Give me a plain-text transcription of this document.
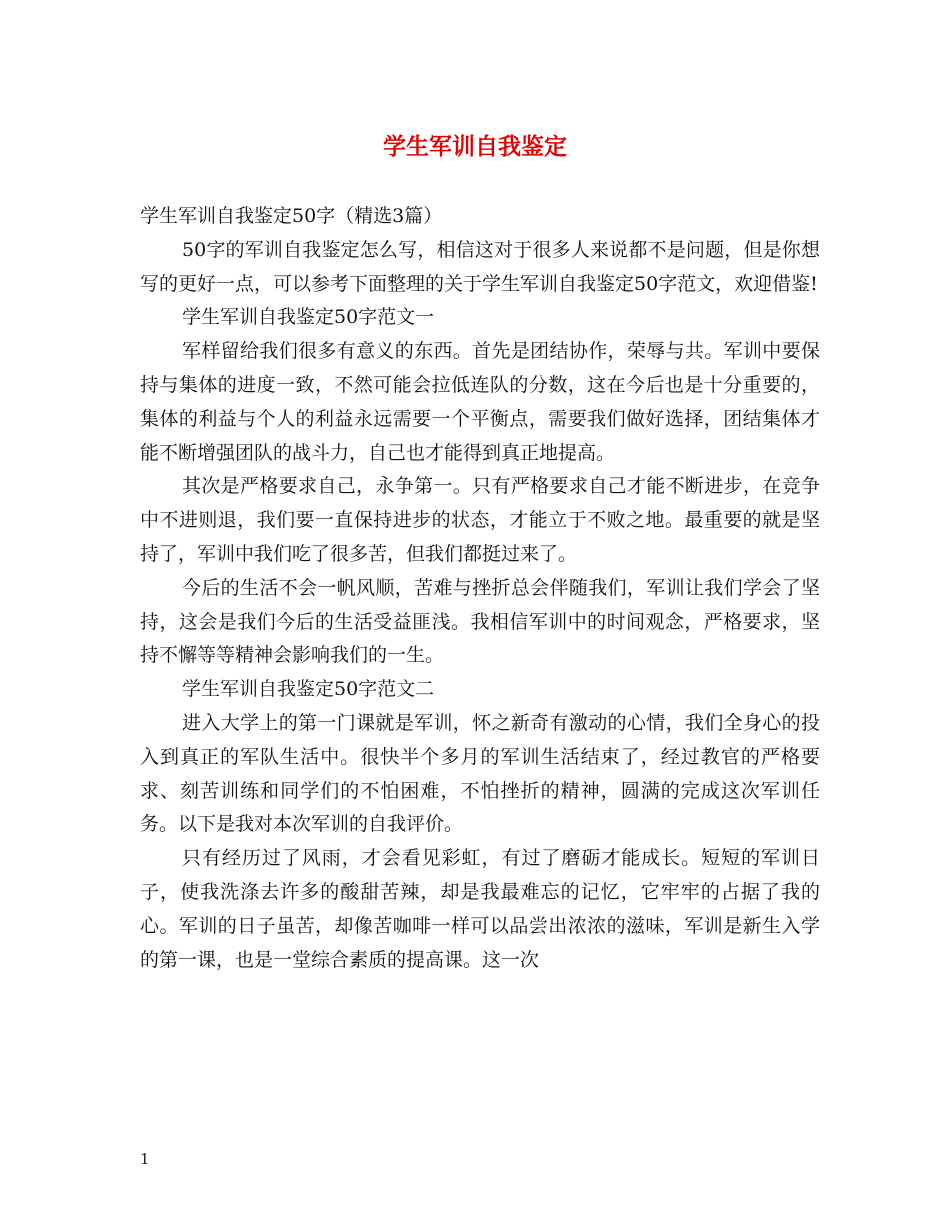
学生军训自我鉴定

学生军训自我鉴定50字（精选3篇）

50字的军训自我鉴定怎么写，相信这对于很多人来说都不是问题，但是你想写的更好一点，可以参考下面整理的关于学生军训自我鉴定50字范文，欢迎借鉴!

学生军训自我鉴定50字范文一

军样留给我们很多有意义的东西。首先是团结协作，荣辱与共。军训中要保持与集体的进度一致，不然可能会拉低连队的分数，这在今后也是十分重要的，集体的利益与个人的利益永远需要一个平衡点，需要我们做好选择，团结集体才能不断增强团队的战斗力，自己也才能得到真正地提高。

其次是严格要求自己，永争第一。只有严格要求自己才能不断进步，在竞争中不进则退，我们要一直保持进步的状态，才能立于不败之地。最重要的就是坚持了，军训中我们吃了很多苦，但我们都挺过来了。

今后的生活不会一帆风顺，苦难与挫折总会伴随我们，军训让我们学会了坚持，这会是我们今后的生活受益匪浅。我相信军训中的时间观念，严格要求，坚持不懈等等精神会影响我们的一生。

学生军训自我鉴定50字范文二

进入大学上的第一门课就是军训，怀之新奇有激动的心情，我们全身心的投入到真正的军队生活中。很快半个多月的军训生活结束了，经过教官的严格要求、刻苦训练和同学们的不怕困难，不怕挫折的精神，圆满的完成这次军训任务。以下是我对本次军训的自我评价。

只有经历过了风雨，才会看见彩虹，有过了磨砺才能成长。短短的军训日子，使我洗涤去许多的酸甜苦辣，却是我最难忘的记忆，它牢牢的占据了我的心。军训的日子虽苦，却像苦咖啡一样可以品尝出浓浓的滋味，军训是新生入学的第一课，也是一堂综合素质的提高课。这一次

1
